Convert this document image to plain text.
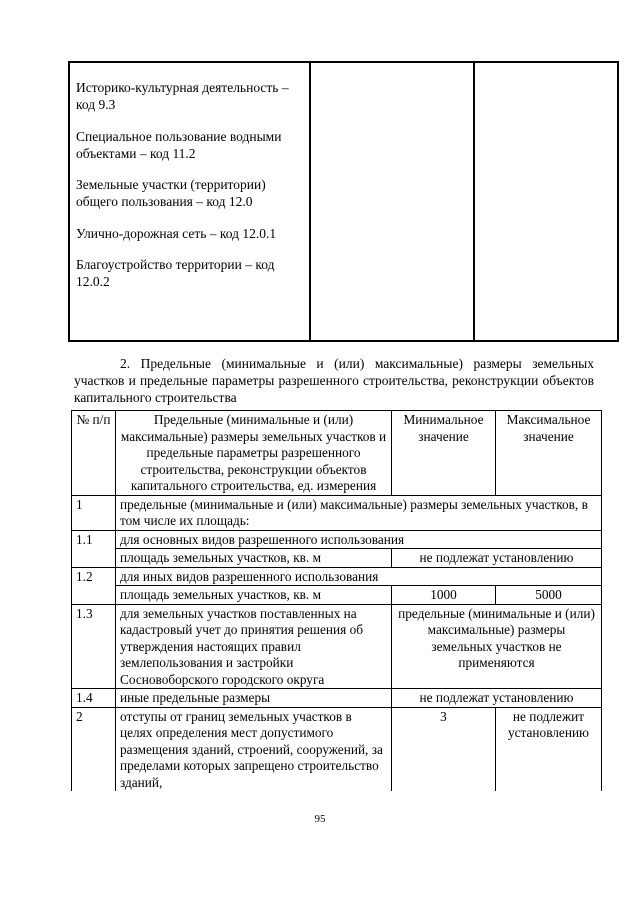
Историко-культурная деятельность – код 9.3
Специальное пользование водными объектами – код 11.2
Земельные участки (территории) общего пользования – код 12.0
Улично-дорожная сеть – код 12.0.1
Благоустройство территории – код 12.0.2

2. Предельные (минимальные и (или) максимальные) размеры земельных участков и предельные параметры разрешенного строительства, реконструкции объектов капитального строительства
№ п/п	Предельные (минимальные и (или) максимальные) размеры земельных участков и предельные параметры разрешенного строительства, реконструкции объектов капитального строительства, ед. измерения	Минимальное значение	Максимальное значение
1	предельные (минимальные и (или) максимальные) размеры земельных участков, в том числе их площадь:		
1.1	для основных видов разрешенного использования		
	площадь земельных участков, кв. м	не подлежат установлению	
1.2	для иных видов разрешенного использования		
	площадь земельных участков, кв. м	1000	5000
1.3	для земельных участков поставленных на кадастровый учет до принятия решения об утверждения настоящих правил землепользования и застройки Сосновоборского городского округа	предельные (минимальные и (или) максимальные) размеры земельных участков не применяются	
1.4	иные предельные размеры	не подлежат установлению	
2	отступы от границ земельных участков в целях определения мест допустимого размещения зданий, строений, сооружений, за пределами которых запрещено строительство зданий,	3	не подлежит установлению
95
